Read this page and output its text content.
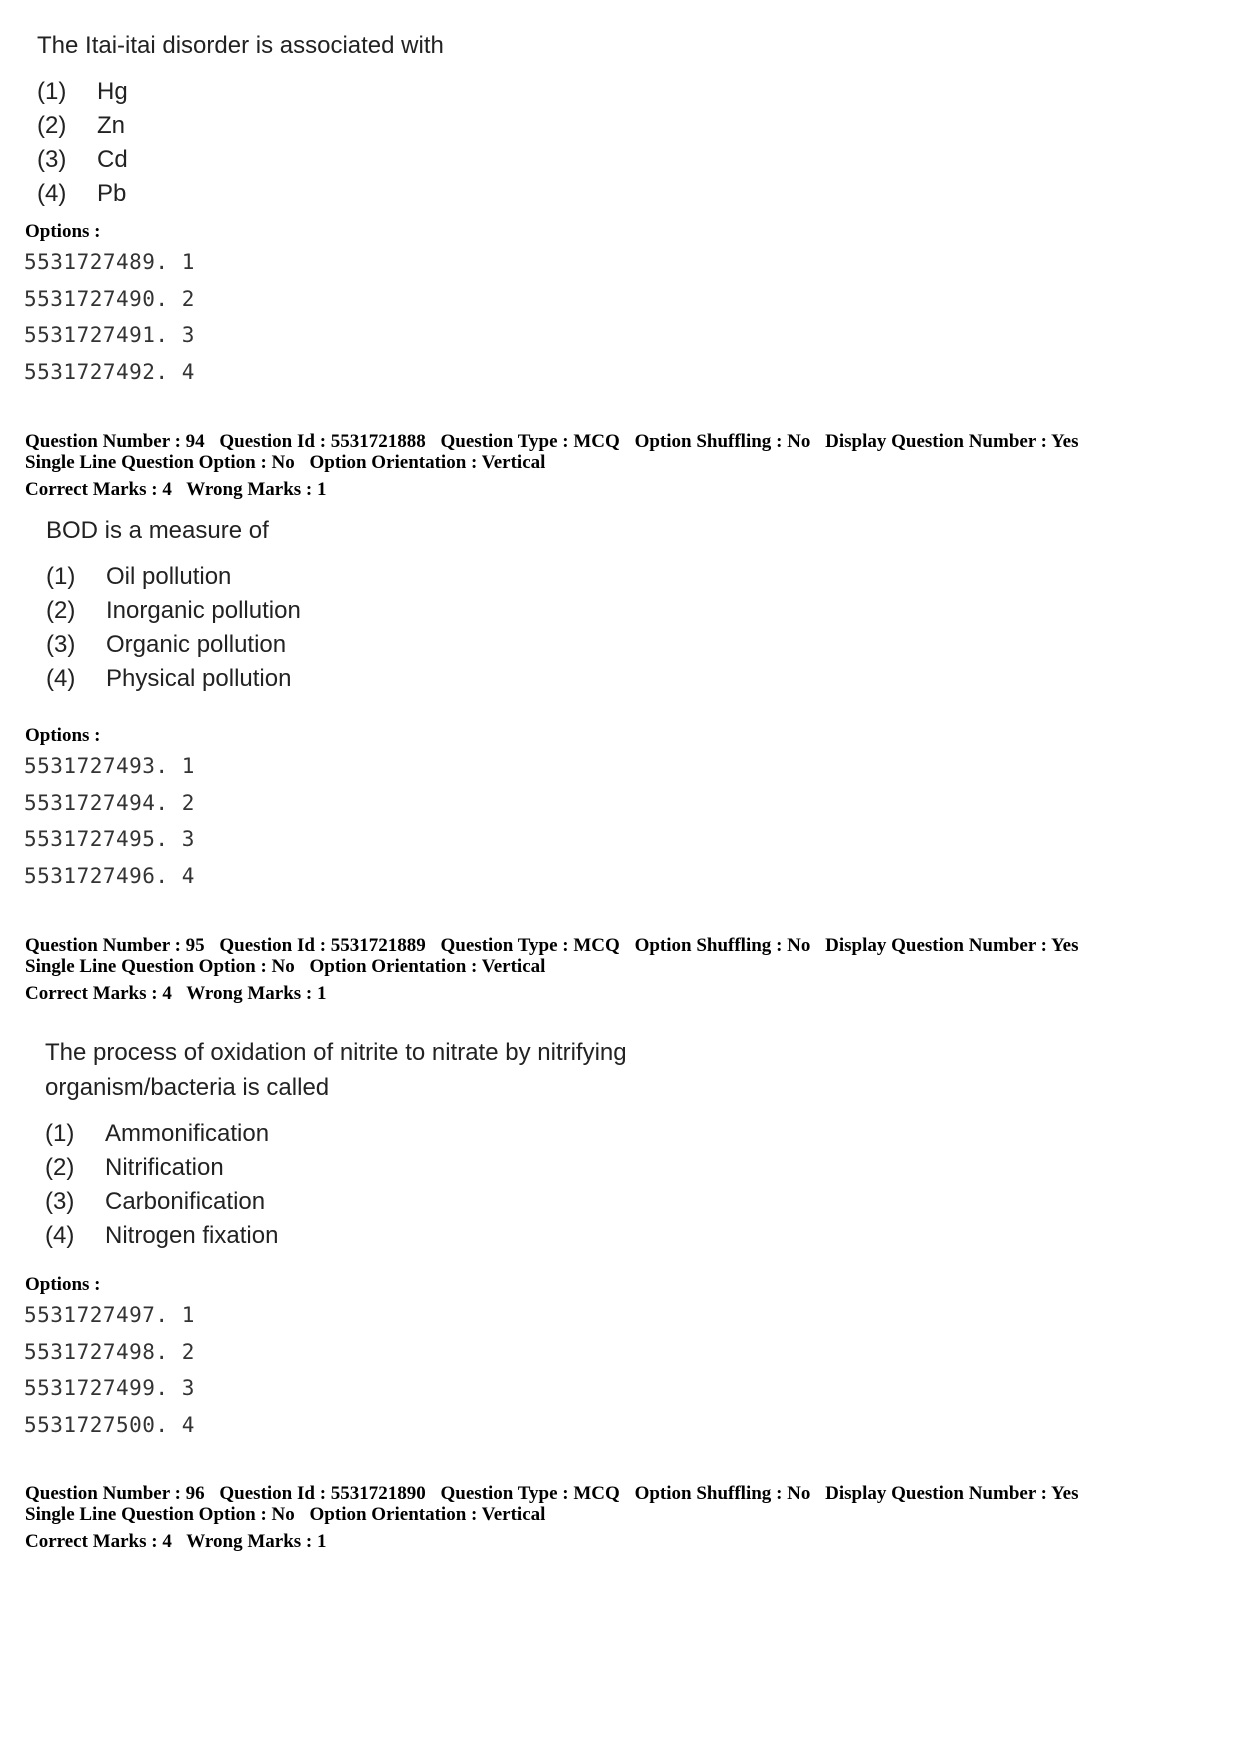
The Itai-itai disorder is associated with
(1) Hg
(2) Zn
(3) Cd
(4) Pb
Options :
5531727489. 1
5531727490. 2
5531727491. 3
5531727492. 4
Question Number : 94 Question Id : 5531721888 Question Type : MCQ Option Shuffling : No Display Question Number : Yes
Single Line Question Option : No Option Orientation : Vertical
Correct Marks : 4 Wrong Marks : 1
BOD is a measure of
(1) Oil pollution
(2) Inorganic pollution
(3) Organic pollution
(4) Physical pollution
Options :
5531727493. 1
5531727494. 2
5531727495. 3
5531727496. 4
Question Number : 95 Question Id : 5531721889 Question Type : MCQ Option Shuffling : No Display Question Number : Yes
Single Line Question Option : No Option Orientation : Vertical
Correct Marks : 4 Wrong Marks : 1
The process of oxidation of nitrite to nitrate by nitrifying
organism/bacteria is called
(1) Ammonification
(2) Nitrification
(3) Carbonification
(4) Nitrogen fixation
Options :
5531727497. 1
5531727498. 2
5531727499. 3
5531727500. 4
Question Number : 96 Question Id : 5531721890 Question Type : MCQ Option Shuffling : No Display Question Number : Yes
Single Line Question Option : No Option Orientation : Vertical
Correct Marks : 4 Wrong Marks : 1
